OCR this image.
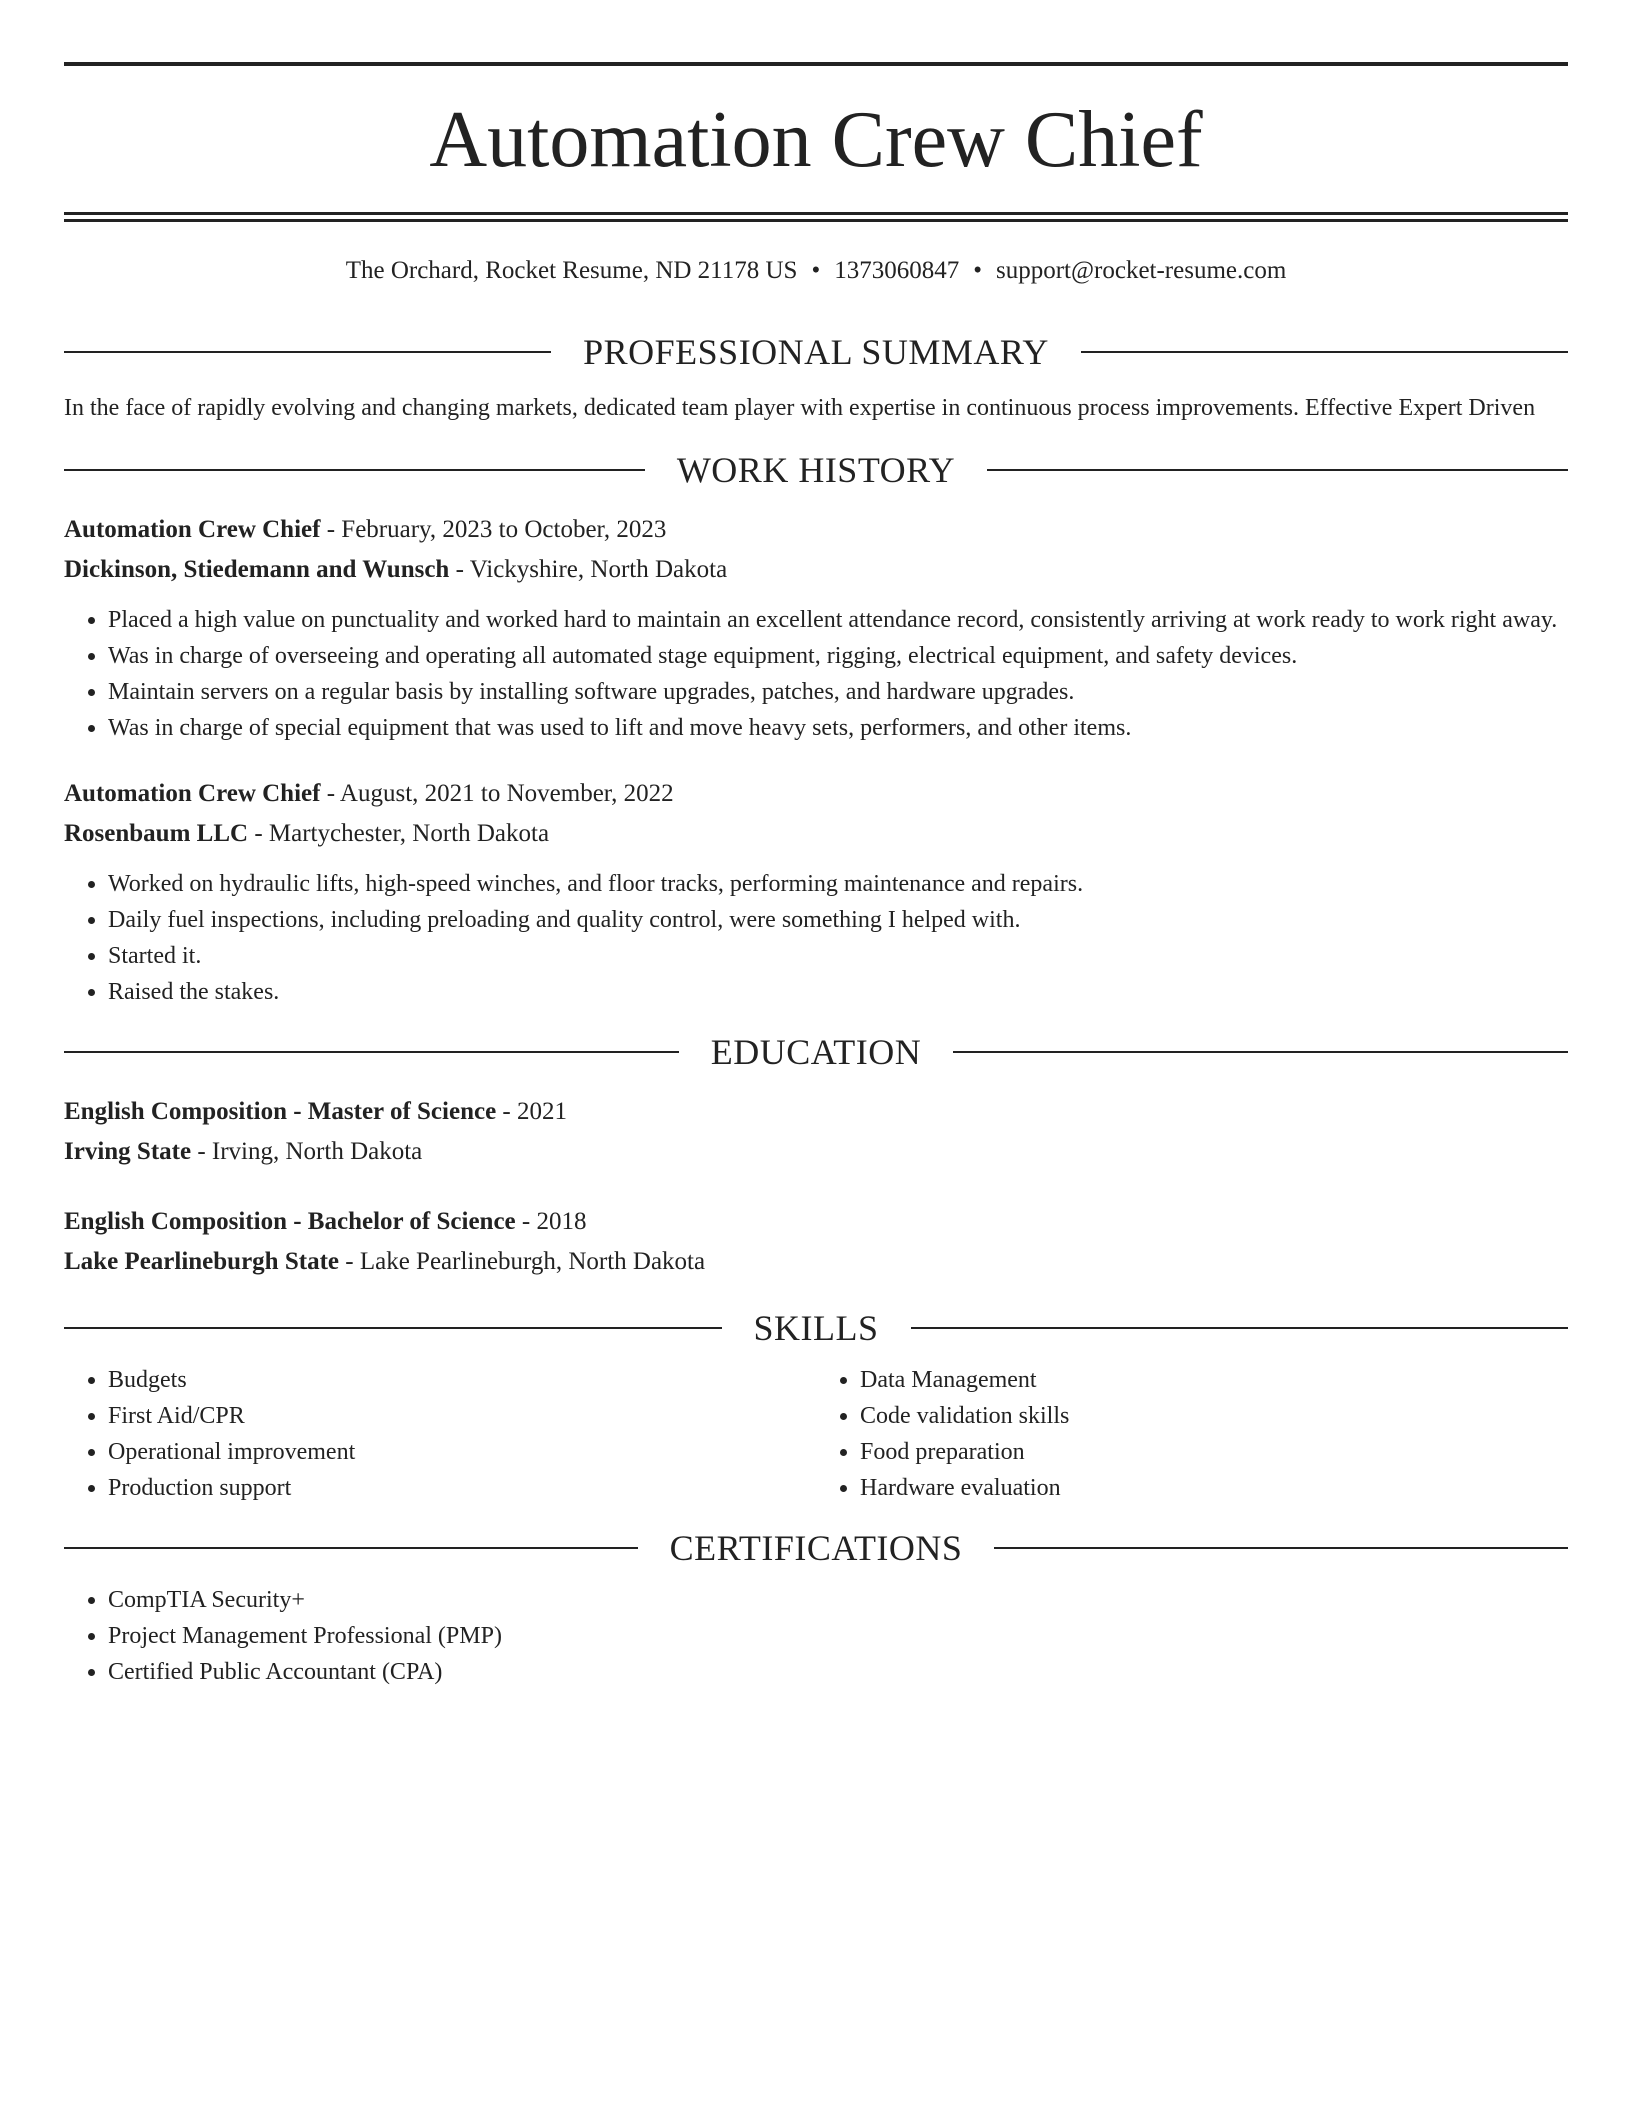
Automation Crew Chief
The Orchard, Rocket Resume, ND 21178 US • 1373060847 • support@rocket-resume.com
PROFESSIONAL SUMMARY

In the face of rapidly evolving and changing markets, dedicated team player with expertise in continuous process improvements. Effective Expert Driven

WORK HISTORY
Automation Crew Chief - February, 2023 to October, 2023
Dickinson, Stiedemann and Wunsch - Vickyshire, North Dakota
• Placed a high value on punctuality and worked hard to maintain an excellent attendance record, consistently arriving at work ready to work right away.
• Was in charge of overseeing and operating all automated stage equipment, rigging, electrical equipment, and safety devices.
• Maintain servers on a regular basis by installing software upgrades, patches, and hardware upgrades.
• Was in charge of special equipment that was used to lift and move heavy sets, performers, and other items.
Automation Crew Chief - August, 2021 to November, 2022
Rosenbaum LLC - Martychester, North Dakota
• Worked on hydraulic lifts, high-speed winches, and floor tracks, performing maintenance and repairs.
• Daily fuel inspections, including preloading and quality control, were something I helped with.
• Started it.
• Raised the stakes.
EDUCATION
English Composition - Master of Science - 2021
Irving State - Irving, North Dakota
English Composition - Bachelor of Science - 2018
Lake Pearlineburgh State - Lake Pearlineburgh, North Dakota
SKILLS
• Budgets
• First Aid/CPR
• Operational improvement
• Production support
• Data Management
• Code validation skills
• Food preparation
• Hardware evaluation
CERTIFICATIONS
• CompTIA Security+
• Project Management Professional (PMP)
• Certified Public Accountant (CPA)
